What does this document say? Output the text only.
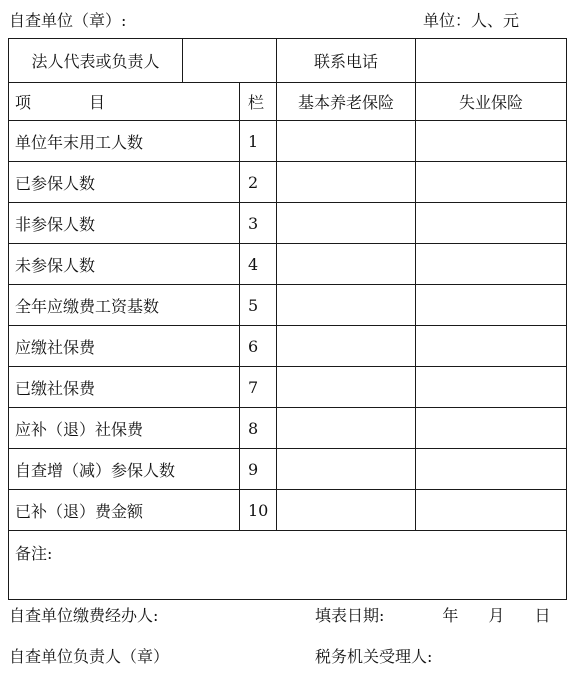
自查单位（章）:	单位：人、元
法人代表或负责人			联系电话	
项 目		栏	基本养老保险	失业保险
单位年末用工人数		1		
已参保人数		2		
非参保人数		3		
未参保人数		4		
全年应缴费工资基数		5		
应缴社保费		6		
已缴社保费		7		
应补（退）社保费		8		
自查增（减）参保人数		9		
已补（退）费金额		10		
备注:				
自查单位缴费经办人:	填表日期:	年 月 日
自查单位负责人（章）	税务机关受理人:
